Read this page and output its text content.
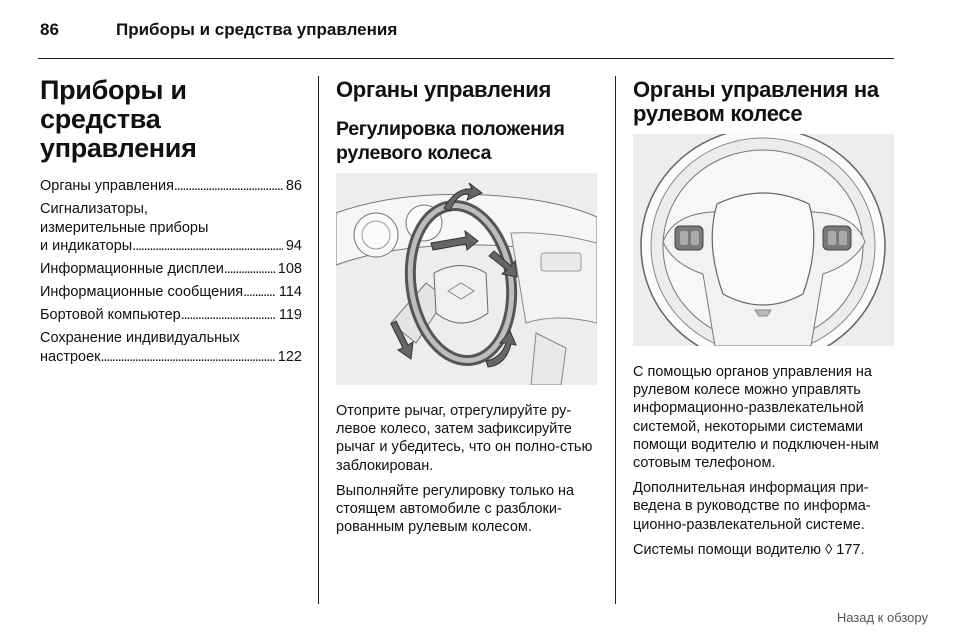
86	Приборы и средства управления
Приборы и средства управления
Органы управления . . .	86
Сигнализаторы,
измерительные приборы
и индикаторы . . .	94
Информационные дисплеи . . .	108
Информационные сообщения . . . 114
Бортовой компьютер . . .	119
Сохранение индивидуальных
настроек . . .	122
Органы управления
Регулировка положения рулевого колеса

Отоприте рычаг, отрегулируйте ру-левое колесо, затем зафиксируйте рычаг и убедитесь, что он полно-стью заблокирован.

Выполняйте регулировку только на стоящем автомобиле с разблоки-рованным рулевым колесом.

Органы управления на рулевом колесе

С помощью органов управления на рулевом колесе можно управлять информационно-развлекательной системой, некоторыми системами помощи водителю и подключен-ным сотовым телефоном.

Дополнительная информация при-ведена в руководстве по информа-ционно-развлекательной системе.

Системы помощи водителю ◊ 177.

Назад к обзору
